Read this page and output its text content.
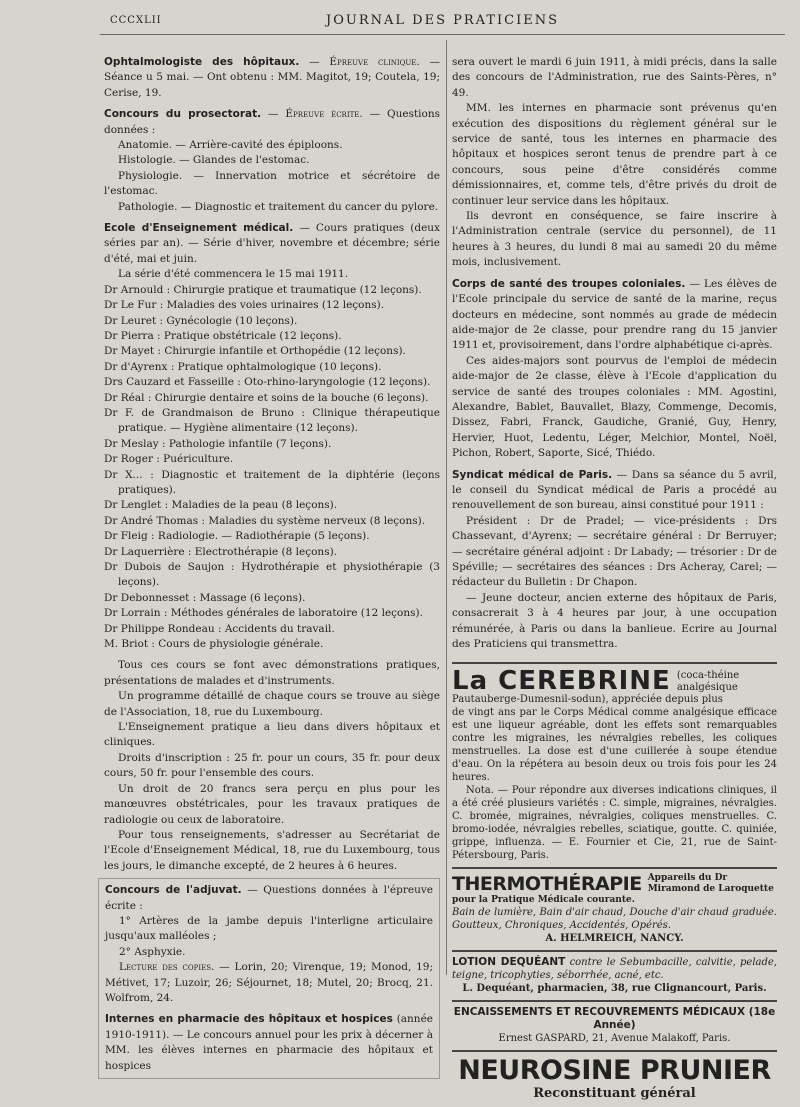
CCCXLII	JOURNAL DES PRATICIENS

Ophtalmologiste des hôpitaux. — Épreuve clinique. — Séance u 5 mai. — Ont obtenu : MM. Magitot, 19; Coutela, 19; Cerise, 19.

Concours du prosectorat. — Épreuve écrite. — Questions données :

Anatomie. — Arrière-cavité des épiploons.

Histologie. — Glandes de l'estomac.

Physiologie. — Innervation motrice et sécrétoire de l'estomac.

Pathologie. — Diagnostic et traitement du cancer du pylore.

Ecole d'Enseignement médical. — Cours pratiques (deux séries par an). — Série d'hiver, novembre et décembre; série d'été, mai et juin.

La série d'été commencera le 15 mai 1911.

Dr Arnould : Chirurgie pratique et traumatique (12 leçons).

Dr Le Fur : Maladies des voies urinaires (12 leçons).

Dr Leuret : Gynécologie (10 leçons).

Dr Pierra : Pratique obstétricale (12 leçons).

Dr Mayet : Chirurgie infantile et Orthopédie (12 leçons).

Dr d'Ayrenx : Pratique ophtalmologique (10 leçons).

Drs Cauzard et Fasseille : Oto-rhino-laryngologie (12 leçons).

Dr Réal : Chirurgie dentaire et soins de la bouche (6 leçons).

Dr F. de Grandmaison de Bruno : Clinique thérapeutique pratique. — Hygiène alimentaire (12 leçons).

Dr Meslay : Pathologie infantile (7 leçons).

Dr Roger : Puériculture.

Dr X... : Diagnostic et traitement de la diphtérie (leçons pratiques).

Dr Lenglet : Maladies de la peau (8 leçons).

Dr André Thomas : Maladies du système nerveux (8 leçons).

Dr Fleig : Radiologie. — Radiothérapie (5 leçons).

Dr Laquerrière : Electrothérapie (8 leçons).

Dr Dubois de Saujon : Hydrothérapie et physiothérapie (3 leçons).

Dr Debonnesset : Massage (6 leçons).

Dr Lorrain : Méthodes générales de laboratoire (12 leçons).

Dr Philippe Rondeau : Accidents du travail.

M. Briot : Cours de physiologie générale.

Tous ces cours se font avec démonstrations pratiques, présentations de malades et d'instruments.

Un programme détaillé de chaque cours se trouve au siège de l'Association, 18, rue du Luxembourg.

L'Enseignement pratique a lieu dans divers hôpitaux et cliniques.

Droits d'inscription : 25 fr. pour un cours, 35 fr. pour deux cours, 50 fr. pour l'ensemble des cours.

Un droit de 20 francs sera perçu en plus pour les manœuvres obstétricales, pour les travaux pratiques de radiologie ou ceux de laboratoire.

Pour tous renseignements, s'adresser au Secrétariat de l'Ecole d'Enseignement Médical, 18, rue du Luxembourg, tous les jours, le dimanche excepté, de 2 heures à 6 heures.

Concours de l'adjuvat. — Questions données à l'épreuve écrite :

1° Artères de la jambe depuis l'interligne articulaire jusqu'aux malléoles ;

2° Asphyxie.

Lecture des copies. — Lorin, 20; Virenque, 19; Monod, 19; Métivet, 17; Luzoir, 26; Séjournet, 18; Mutel, 20; Brocq, 21. Wolfrom, 24.

Internes en pharmacie des hôpitaux et hospices (année 1910-1911). — Le concours annuel pour les prix à décerner à MM. les élèves internes en pharmacie des hôpitaux et hospices

sera ouvert le mardi 6 juin 1911, à midi précis, dans la salle des concours de l'Administration, rue des Saints-Pères, n° 49.

MM. les internes en pharmacie sont prévenus qu'en exécution des dispositions du règlement général sur le service de santé, tous les internes en pharmacie des hôpitaux et hospices seront tenus de prendre part à ce concours, sous peine d'être considérés comme démissionnaires, et, comme tels, d'être privés du droit de continuer leur service dans les hôpitaux.

Ils devront en conséquence, se faire inscrire à l'Administration centrale (service du personnel), de 11 heures à 3 heures, du lundi 8 mai au samedi 20 du même mois, inclusivement.

Corps de santé des troupes coloniales. — Les élèves de l'Ecole principale du service de santé de la marine, reçus docteurs en médecine, sont nommés au grade de médecin aide-major de 2e classe, pour prendre rang du 15 janvier 1911 et, provisoirement, dans l'ordre alphabétique ci-après.

Ces aides-majors sont pourvus de l'emploi de médecin aide-major de 2e classe, élève à l'Ecole d'application du service de santé des troupes coloniales : MM. Agostini, Alexandre, Bablet, Bauvallet, Blazy, Commenge, Decomis, Dissez, Fabri, Franck, Gaudiche, Granié, Guy, Henry, Hervier, Huot, Ledentu, Léger, Melchior, Montel, Noël, Pichon, Robert, Saporte, Sicé, Thiédo.

Syndicat médical de Paris. — Dans sa séance du 5 avril, le conseil du Syndicat médical de Paris a procédé au renouvellement de son bureau, ainsi constitué pour 1911 :

Président : Dr de Pradel; — vice-présidents : Drs Chassevant, d'Ayrenx; — secrétaire général : Dr Berruyer; — secrétaire général adjoint : Dr Labady; — trésorier : Dr de Spéville; — secrétaires des séances : Drs Acheray, Carel; — rédacteur du Bulletin : Dr Chapon.

— Jeune docteur, ancien externe des hôpitaux de Paris, consacrerait 3 à 4 heures par jour, à une occupation rémunérée, à Paris ou dans la banlieue. Ecrire au Journal des Praticiens qui transmettra.

La CEREBRINE (coca-théine analgésique Pautauberge-Dumesnil-sodun), appréciée depuis plus

de vingt ans par le Corps Médical comme analgésique efficace est une liqueur agréable, dont les effets sont remarquables contre les migraines, les névralgies rebelles, les coliques menstruelles. La dose est d'une cuillerée à soupe étendue d'eau. On la répétera au besoin deux ou trois fois pour les 24 heures.

Nota. — Pour répondre aux diverses indications cliniques, il a été créé plusieurs variétés : C. simple, migraines, névralgies. C. bromée, migraines, névralgies, coliques menstruelles. C. bromo-iodée, névralgies rebelles, sciatique, goutte. C. quiniée, grippe, influenza. — E. Fournier et Cie, 21, rue de Saint-Pétersbourg, Paris.

THERMOTHÉRAPIE Appareils du Dr Miramond de Laroquette pour la Pratique Médicale courante.

Bain de lumière, Bain d'air chaud, Douche d'air chaud graduée. Goutteux, Chroniques, Accidentés, Opérés.

A. HELMREICH, NANCY.

LOTION DEQUÉANT contre le Sebumbacille, calvitie, pelade, teigne, tricophyties, séborrhée, acné, etc.

L. Dequéant, pharmacien, 38, rue Clignancourt, Paris.

ENCAISSEMENTS ET RECOUVREMENTS MÉDICAUX (18e Année)

Ernest GASPARD, 21, Avenue Malakoff, Paris.

NEUROSINE PRUNIER
Reconstituant général
